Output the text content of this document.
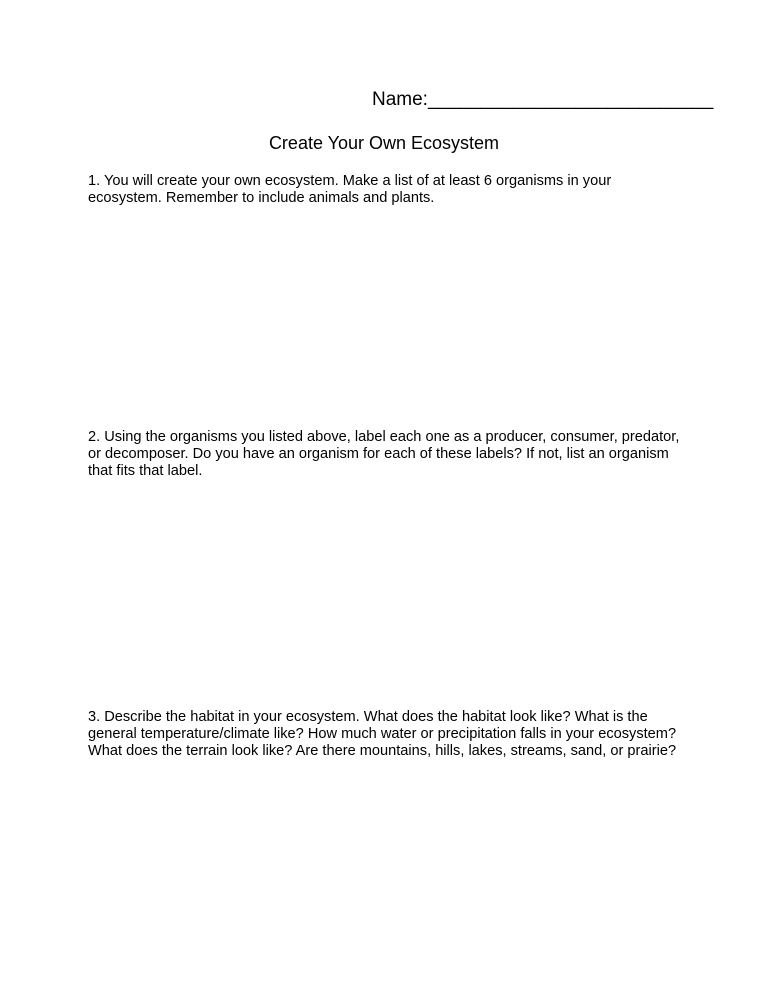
Name:___________________________
Create Your Own Ecosystem
1. You will create your own ecosystem. Make a list of at least 6 organisms in your ecosystem. Remember to include animals and plants.
2. Using the organisms you listed above, label each one as a producer, consumer, predator, or decomposer. Do you have an organism for each of these labels? If not, list an organism that fits that label.
3. Describe the habitat in your ecosystem. What does the habitat look like? What is the general temperature/climate like? How much water or precipitation falls in your ecosystem? What does the terrain look like? Are there mountains, hills, lakes, streams, sand, or prairie?
